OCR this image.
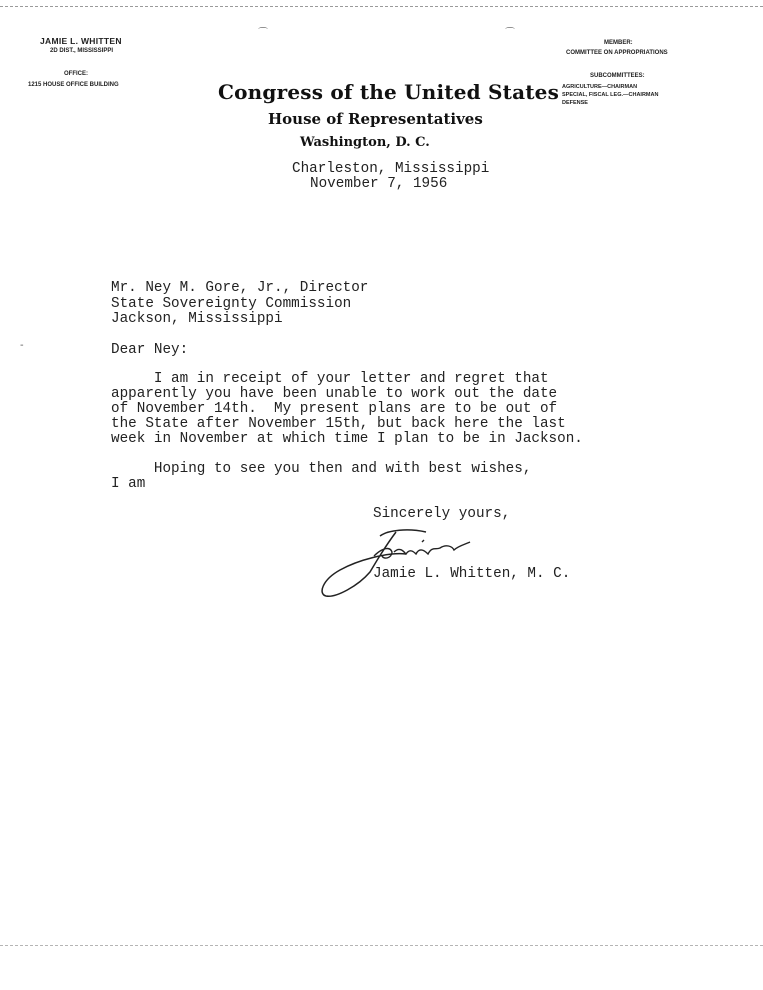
JAMIE L. WHITTEN
2D DIST., MISSISSIPPI
OFFICE:
1215 HOUSE OFFICE BUILDING
MEMBER:
COMMITTEE ON APPROPRIATIONS
SUBCOMMITTEES:
AGRICULTURE—CHAIRMAN
SPECIAL, FISCAL LEG.—CHAIRMAN
DEFENSE
Congress of the United States
House of Representatives
Washington, D. C.
Charleston, Mississippi
November 7, 1956
Mr. Ney M. Gore, Jr., Director
State Sovereignty Commission
Jackson, Mississippi
Dear Ney:
I am in receipt of your letter and regret that
apparently you have been unable to work out the date
of November 14th.  My present plans are to be out of
the State after November 15th, but back here the last
week in November at which time I plan to be in Jackson.
Hoping to see you then and with best wishes,
I am
Sincerely yours,
Jamie L. Whitten, M. C.
⌒	⌒
-
